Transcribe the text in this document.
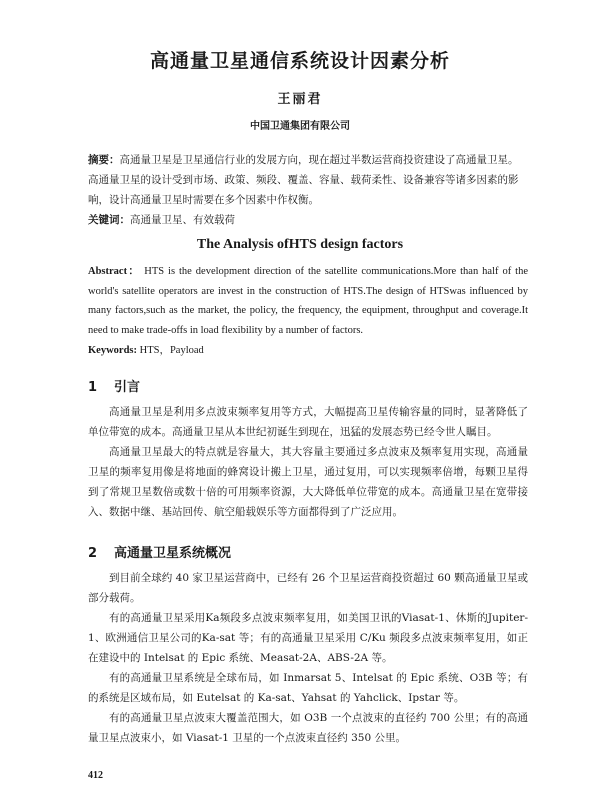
高通量卫星通信系统设计因素分析
王丽君
中国卫通集团有限公司
摘要：高通量卫星是卫星通信行业的发展方向，现在超过半数运营商投资建设了高通量卫星。高通量卫星的设计受到市场、政策、频段、覆盖、容量、载荷柔性、设备兼容等诸多因素的影响，设计高通量卫星时需要在多个因素中作权衡。
关键词：高通量卫星、有效载荷
The Analysis ofHTS design factors
Abstract： HTS is the development direction of the satellite communications.More than half of the world's satellite operators are invest in the construction of HTS.The design of HTSwas influenced by many factors,such as the market, the policy, the frequency, the equipment, throughput and coverage.It need to make trade-offs in load flexibility by a number of factors.
Keywords: HTS，Payload
1 引言

高通量卫星是利用多点波束频率复用等方式，大幅提高卫星传输容量的同时，显著降低了单位带宽的成本。高通量卫星从本世纪初诞生到现在，迅猛的发展态势已经令世人瞩目。

高通量卫星最大的特点就是容量大，其大容量主要通过多点波束及频率复用实现，高通量卫星的频率复用像是将地面的蜂窝设计搬上卫星，通过复用，可以实现频率倍增，每颗卫星得到了常规卫星数倍或数十倍的可用频率资源，大大降低单位带宽的成本。高通量卫星在宽带接入、数据中继、基站回传、航空船载娱乐等方面都得到了广泛应用。

2 高通量卫星系统概况

到目前全球约 40 家卫星运营商中，已经有 26 个卫星运营商投资超过 60 颗高通量卫星或部分载荷。

有的高通量卫星采用Ka频段多点波束频率复用，如美国卫讯的Viasat-1、休斯的Jupiter-1、欧洲通信卫星公司的Ka-sat 等；有的高通量卫星采用 C/Ku 频段多点波束频率复用，如正在建设中的 Intelsat 的 Epic 系统、Measat-2A、ABS-2A 等。

有的高通量卫星系统是全球布局，如 Inmarsat 5、Intelsat 的 Epic 系统、O3B 等；有的系统是区域布局，如 Eutelsat 的 Ka-sat、Yahsat 的 Yahclick、Ipstar 等。

有的高通量卫星点波束大覆盖范围大，如 O3B 一个点波束的直径约 700 公里；有的高通量卫星点波束小，如 Viasat-1 卫星的一个点波束直径约 350 公里。

412
